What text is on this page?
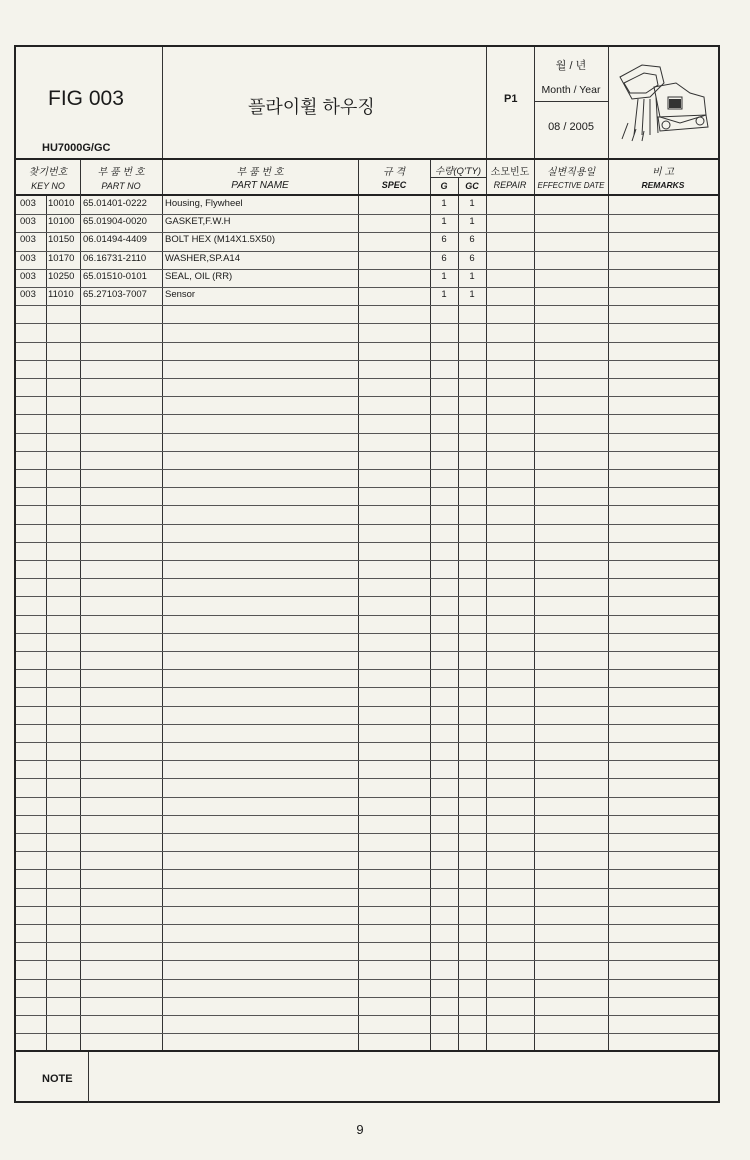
FIG 003
HU7000G/GC
플라이휠 하우징	P1
월 / 년
Month / Year
08 / 2005
찾기번호
KEY NO
부 품 번 호
PART NO
부 품 번 호
PART NAME
규 격
SPEC
수량(Q'TY)
G	GC
소모빈도
REPAIR
실변직용일
EFFECTIVE DATE
비 고
REMARKS
003 10010 65.01401-0222 Housing, Flywheel	1	1
003 10100 65.01904-0020 GASKET,F.W.H	1	1
003 10150 06.01494-4409 BOLT HEX (M14X1.5X50)	6	6
003 10170 06.16731-2110 WASHER,SP.A14	6	6
003 10250 65.01510-0101 SEAL, OIL (RR)	1	1
003 11010 65.27103-7007 Sensor	1	1
NOTE
9
